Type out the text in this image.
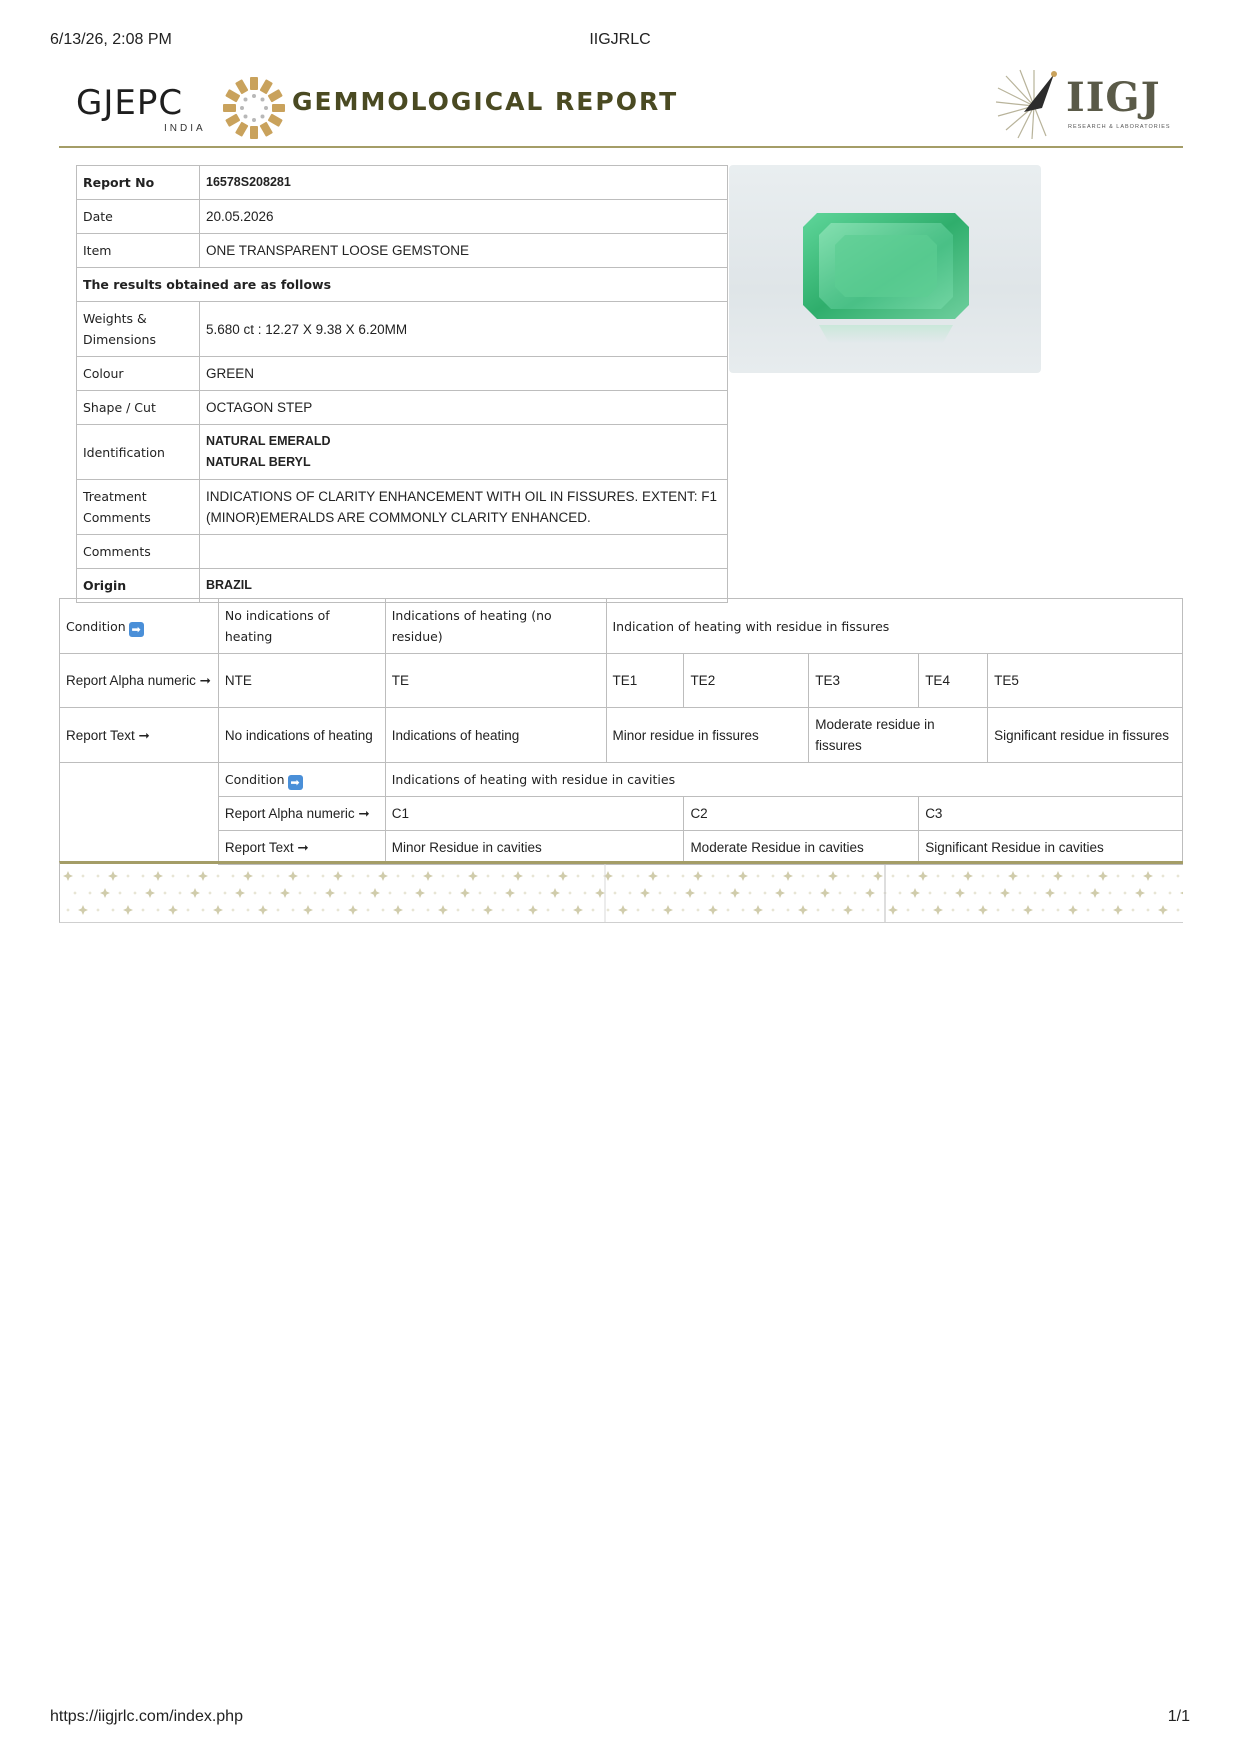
6/13/26, 2:08 PM	IIGJRLC
GJEPC
INDIA
GEMMOLOGICAL REPORT	IIGJ
RESEARCH & LABORATORIES
Report No	16578S208281
Date	20.05.2026
Item	ONE TRANSPARENT LOOSE GEMSTONE
The results obtained are as follows	
Weights & Dimensions	5.680 ct : 12.27 X 9.38 X 6.20MM
Colour	GREEN
Shape / Cut	OCTAGON STEP
Identification	NATURAL EMERALD
NATURAL BERYL

Treatment Comments	INDICATIONS OF CLARITY ENHANCEMENT WITH OIL IN FISSURES. EXTENT: F1 (MINOR)EMERALDS ARE COMMONLY CLARITY ENHANCED.
Comments	
Origin	BRAZIL
Condition ➡	No indications of heating	Indications of heating (no residue)	Indication of heating with residue in fissures				
Report Alpha numeric ➞	NTE	TE	TE1	TE2	TE3	TE4	TE5
Report Text ➞	No indications of heating	Indications of heating	Minor residue in fissures		Moderate residue in fissures		Significant residue in fissures
	Condition ➡	Indications of heating with residue in cavities					
	Report Alpha numeric ➞	C1		C2		C3	
	Report Text ➞	Minor Residue in cavities		Moderate Residue in cavities		Significant Residue in cavities	
https://iigjrlc.com/index.php	1/1
